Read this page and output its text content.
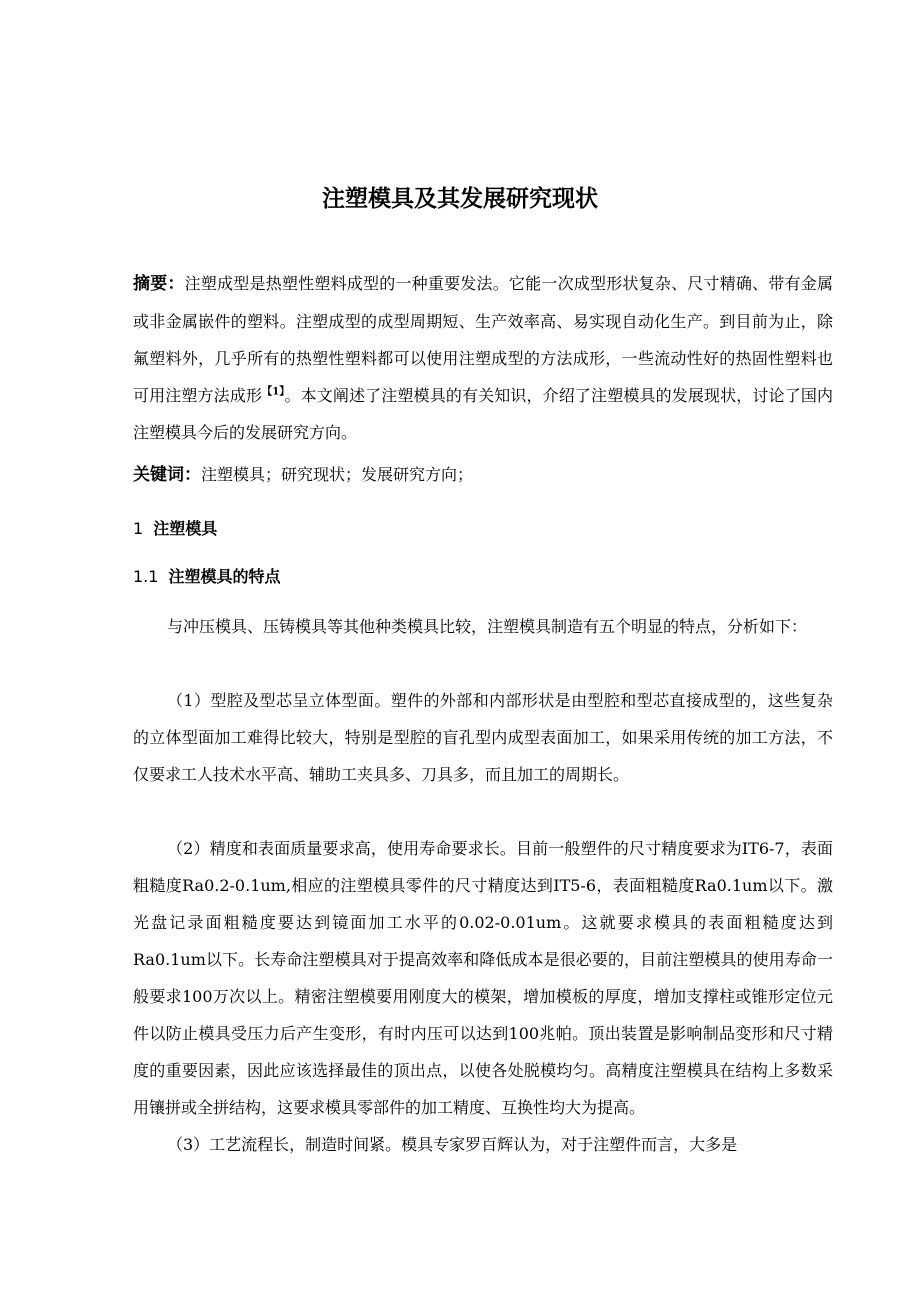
注塑模具及其发展研究现状
摘要：注塑成型是热塑性塑料成型的一种重要发法。它能一次成型形状复杂、尺寸精确、带有金属或非金属嵌件的塑料。注塑成型的成型周期短、生产效率高、易实现自动化生产。到目前为止，除氟塑料外，几乎所有的热塑性塑料都可以使用注塑成型的方法成形，一些流动性好的热固性塑料也可用注塑方法成形$^{【1】}$。本文阐述了注塑模具的有关知识，介绍了注塑模具的发展现状，讨论了国内注塑模具今后的发展研究方向。
关键词：注塑模具；研究现状；发展研究方向；
1 注塑模具
1.1 注塑模具的特点
与冲压模具、压铸模具等其他种类模具比较，注塑模具制造有五个明显的特点，分析如下：
（1）型腔及型芯呈立体型面。塑件的外部和内部形状是由型腔和型芯直接成型的，这些复杂的立体型面加工难得比较大，特别是型腔的盲孔型内成型表面加工，如果采用传统的加工方法，不仅要求工人技术水平高、辅助工夹具多、刀具多，而且加工的周期长。
（2）精度和表面质量要求高，使用寿命要求长。目前一般塑件的尺寸精度要求为IT6-7，表面粗糙度Ra0.2-0.1um,相应的注塑模具零件的尺寸精度达到IT5-6，表面粗糙度Ra0.1um以下。激光盘记录面粗糙度要达到镜面加工水平的0.02-0.01um。这就要求模具的表面粗糙度达到Ra0.1um以下。长寿命注塑模具对于提高效率和降低成本是很必要的，目前注塑模具的使用寿命一般要求100万次以上。精密注塑模要用刚度大的模架，增加模板的厚度，增加支撑柱或锥形定位元件以防止模具受压力后产生变形，有时内压可以达到100兆帕。顶出装置是影响制品变形和尺寸精度的重要因素，因此应该选择最佳的顶出点，以使各处脱模均匀。高精度注塑模具在结构上多数采用镶拼或全拼结构，这要求模具零部件的加工精度、互换性均大为提高。
（3）工艺流程长，制造时间紧。模具专家罗百辉认为，对于注塑件而言，大多是
